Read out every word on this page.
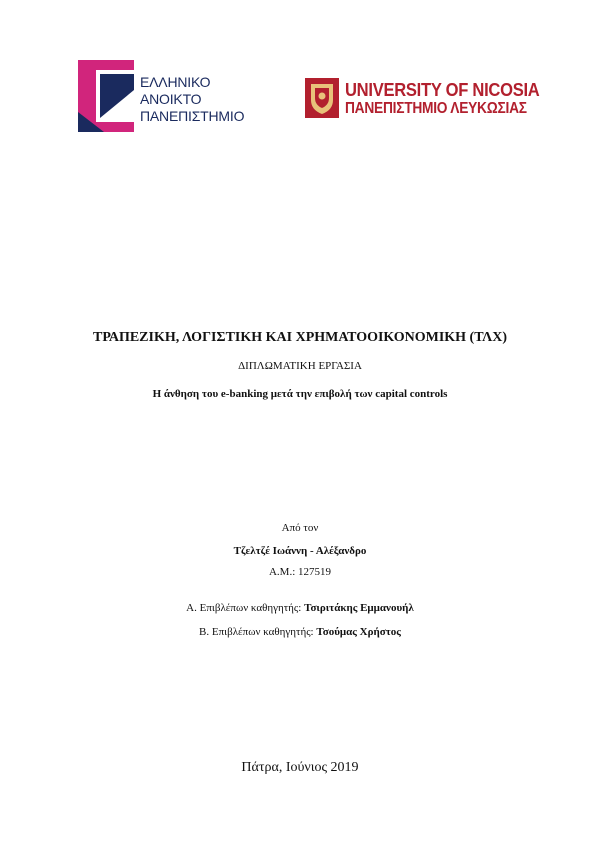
ΕΛΛΗΝΙΚΟ
ΑΝΟΙΚΤΟ
ΠΑΝΕΠΙΣΤΗΜΙΟ
UNIVERSITY OF NICOSIA
ΠΑΝΕΠΙΣΤΗΜΙΟ ΛΕΥΚΩΣΙΑΣ
ΤΡΑΠΕΖΙΚΗ, ΛΟΓΙΣΤΙΚΗ ΚΑΙ ΧΡΗΜΑΤΟΟΙΚΟΝΟΜΙΚΗ (ΤΛΧ)
ΔΙΠΛΩΜΑΤΙΚΗ ΕΡΓΑΣΙΑ
Η άνθηση του e-banking μετά την επιβολή των capital controls
Από τον
Τζελτζέ Ιωάννη - Αλέξανδρο
Α.Μ.: 127519
Α. Επιβλέπων καθηγητής: Τσιριτάκης Εμμανουήλ
Β. Επιβλέπων καθηγητής: Τσούμας Χρήστος
Πάτρα, Ιούνιος 2019
